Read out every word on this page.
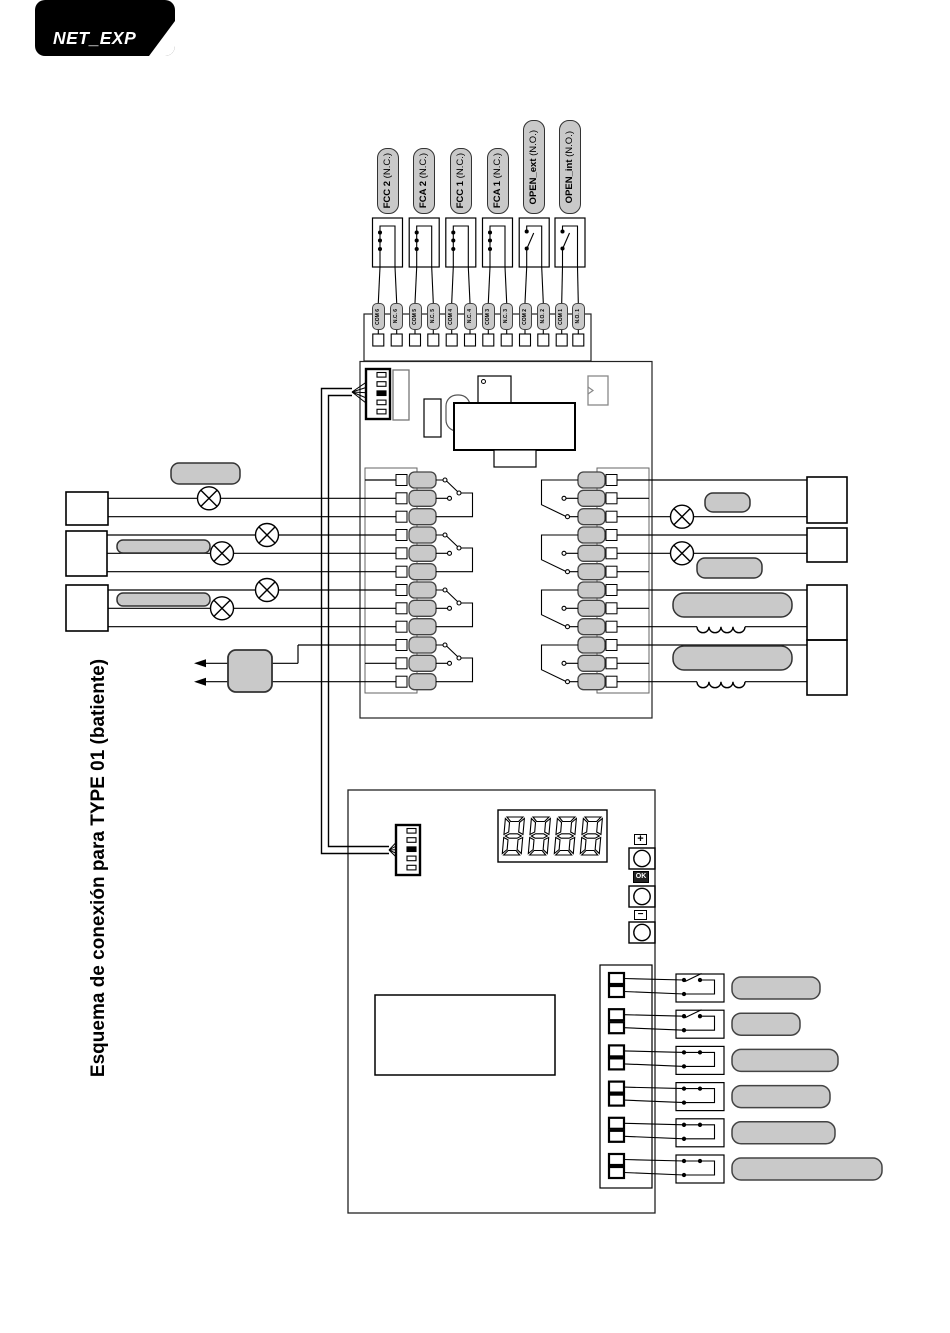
NET_EXP
Esquema de conexión para TYPE 01 (batiente)
FCC 2(N.C.)
FCA 2(N.C.)
FCC 1(N.C.)
FCA 1(N.C.)	OPEN_ext(N.O.)
OPEN_int(N.O.)
COM 6 N.C. 6 COM 5 N.C. 5 COM 4 N.C. 4 COM 3 N.C. 3 COM 2 N.O. 2 COM 1 N.O. 1
+
OK
−
